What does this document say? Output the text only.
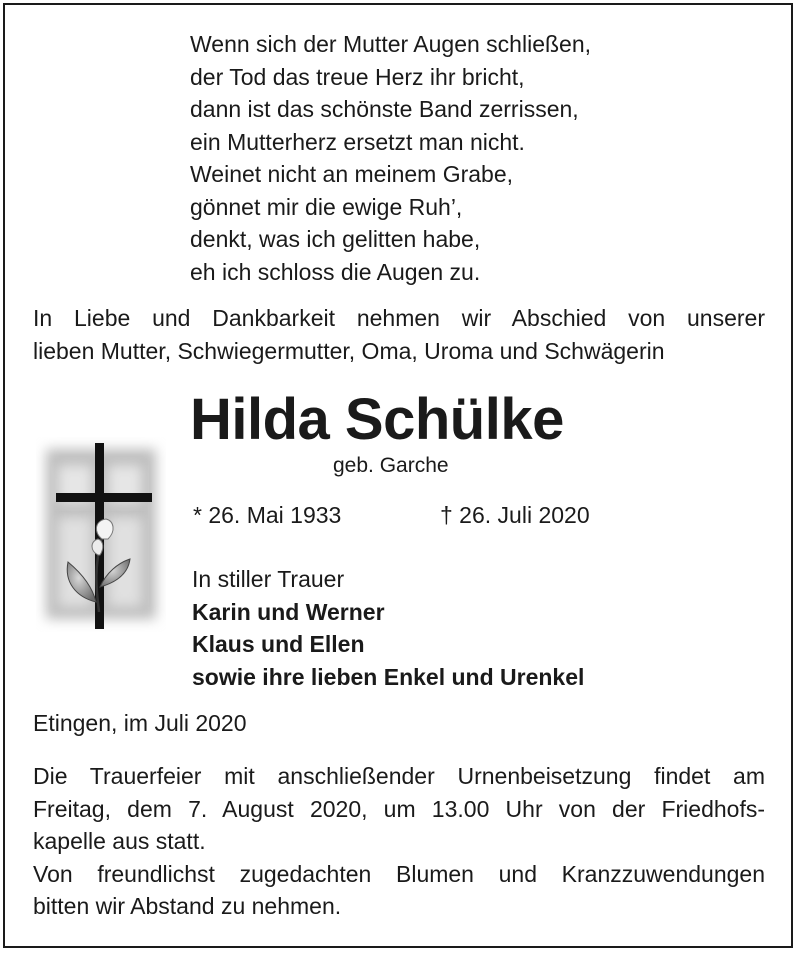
Wenn sich der Mutter Augen schließen,
der Tod das treue Herz ihr bricht,
dann ist das schönste Band zerrissen,
ein Mutterherz ersetzt man nicht.
Weinet nicht an meinem Grabe,
gönnet mir die ewige Ruh’,
denkt, was ich gelitten habe,
eh ich schloss die Augen zu.
In Liebe und Dankbarkeit nehmen wir Abschied von unserer
lieben Mutter, Schwiegermutter, Oma, Uroma und Schwägerin
Hilda Schülke
geb. Garche
* 26. Mai 1933	† 26. Juli 2020
In stiller Trauer
Karin und Werner
Klaus und Ellen
sowie ihre lieben Enkel und Urenkel
Etingen, im Juli 2020
Die Trauerfeier mit anschließender Urnenbeisetzung findet am
Freitag, dem 7. August 2020, um 13.00 Uhr von der Friedhofs-
kapelle aus statt.
Von freundlichst zugedachten Blumen und Kranzzuwendungen
bitten wir Abstand zu nehmen.
